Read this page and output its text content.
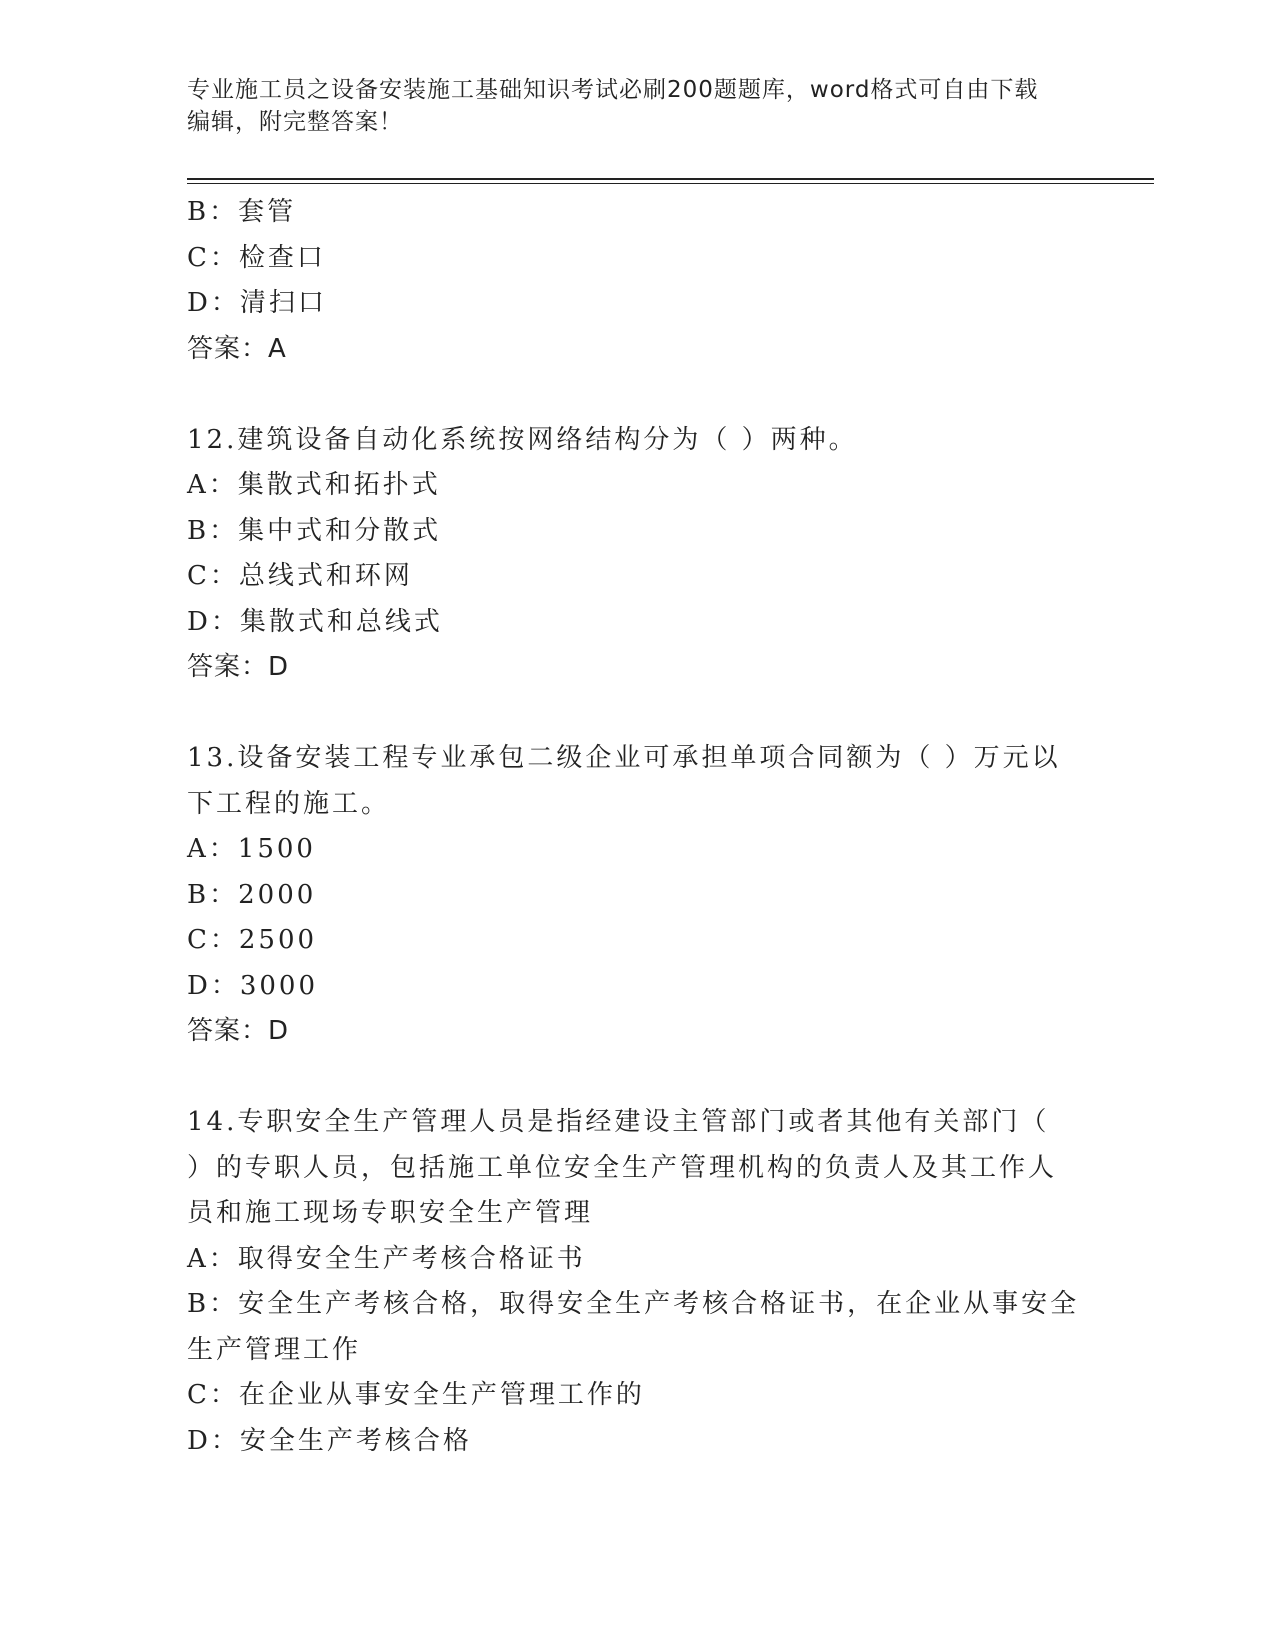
专业施工员之设备安装施工基础知识考试必刷200题题库，word格式可自由下载
编辑，附完整答案！
B：套管
C：检查口
D：清扫口
答案：A
12.建筑设备自动化系统按网络结构分为（ ）两种。
A：集散式和拓扑式
B：集中式和分散式
C：总线式和环网
D：集散式和总线式
答案：D
13.设备安装工程专业承包二级企业可承担单项合同额为（ ）万元以
下工程的施工。
A：1500
B：2000
C：2500
D：3000
答案：D
14.专职安全生产管理人员是指经建设主管部门或者其他有关部门（
）的专职人员，包括施工单位安全生产管理机构的负责人及其工作人
员和施工现场专职安全生产管理
A：取得安全生产考核合格证书
B：安全生产考核合格，取得安全生产考核合格证书，在企业从事安全
生产管理工作
C：在企业从事安全生产管理工作的
D：安全生产考核合格
